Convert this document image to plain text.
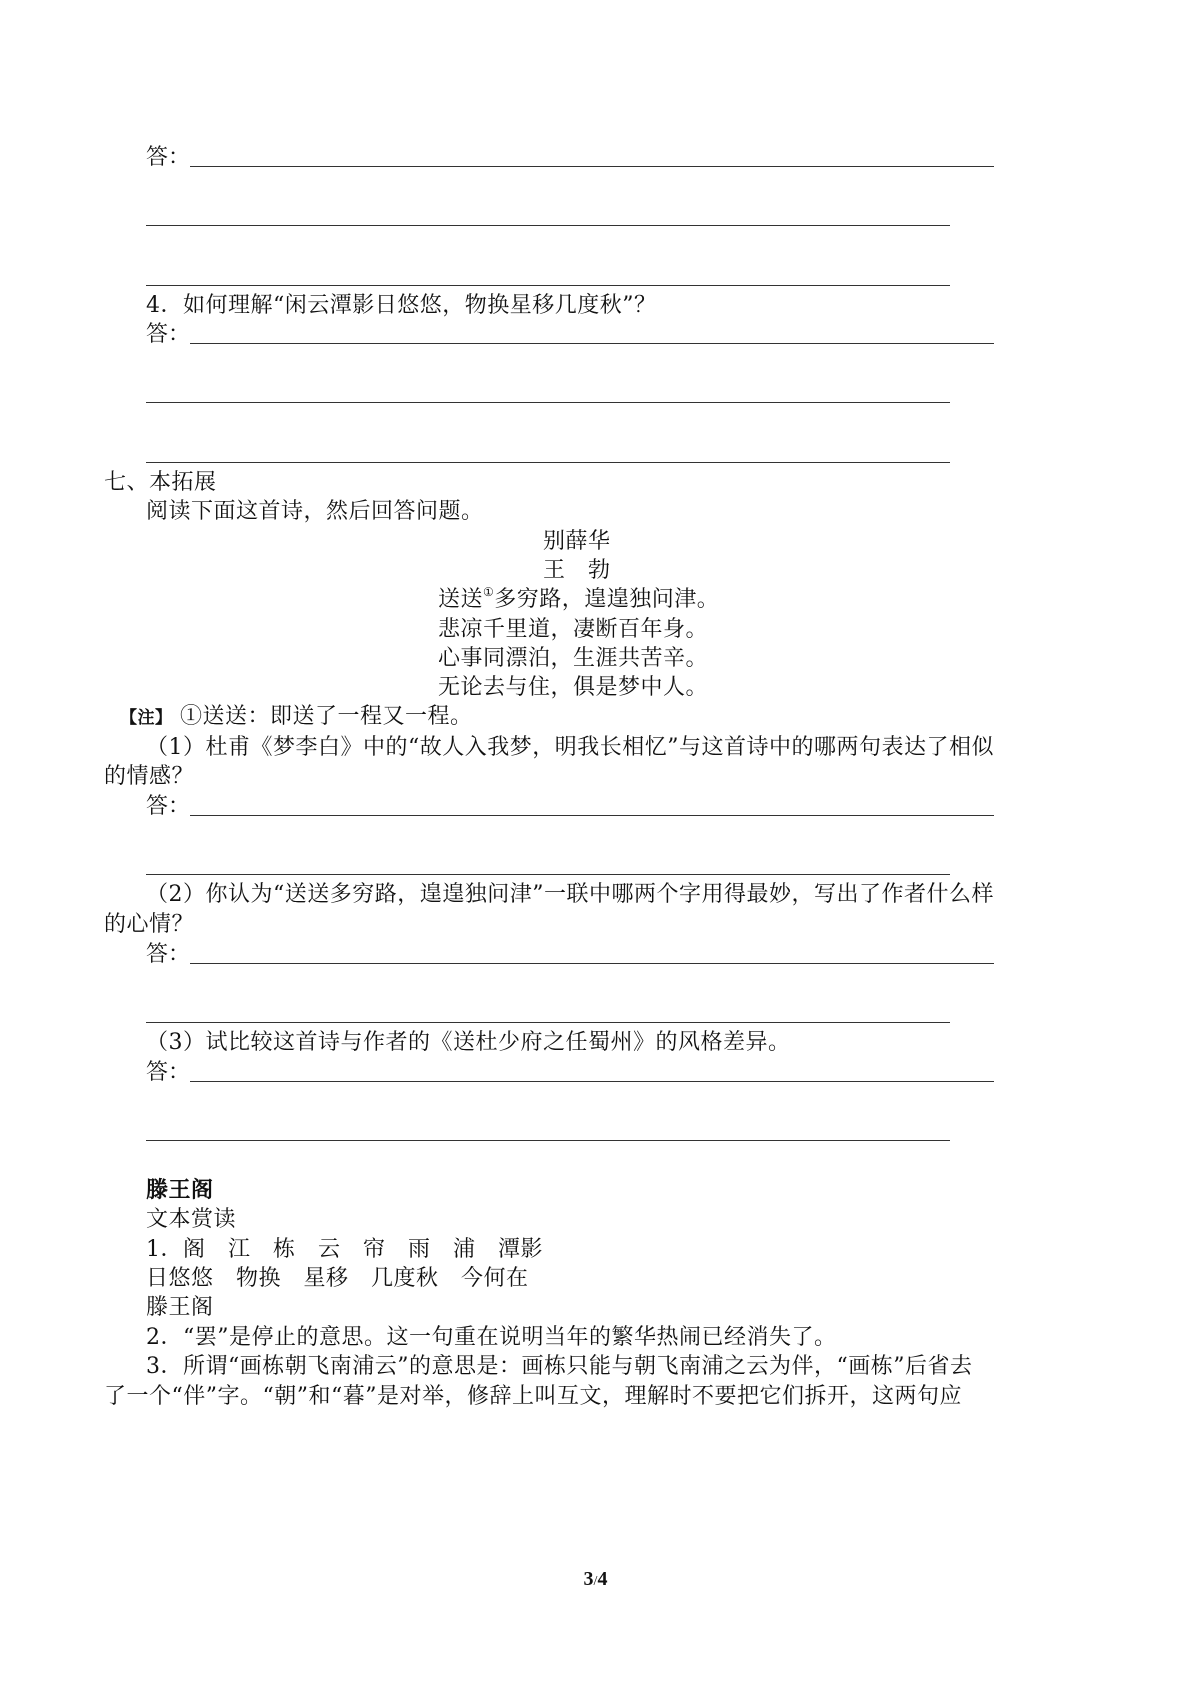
答：
4．如何理解“闲云潭影日悠悠，物换星移几度秋”？
答：
七、本拓展
阅读下面这首诗，然后回答问题。
别薛华
王　勃
送送①多穷路，遑遑独问津。
悲凉千里道，凄断百年身。
心事同漂泊，生涯共苦辛。
无论去与住，俱是梦中人。
【注】 ①送送：即送了一程又一程。
（1）杜甫《梦李白》中的“故人入我梦，明我长相忆”与这首诗中的哪两句表达了相似
的情感？
答：
（2）你认为“送送多穷路，遑遑独问津”一联中哪两个字用得最妙，写出了作者什么样
的心情？
答：
（3）试比较这首诗与作者的《送杜少府之任蜀州》的风格差异。
答：
滕王阁
文本赏读
1．阁　江　栋　云　帘　雨　浦　潭影
日悠悠　物换　星移　几度秋　今何在
滕王阁
2．“罢”是停止的意思。这一句重在说明当年的繁华热闹已经消失了。
3．所谓“画栋朝飞南浦云”的意思是：画栋只能与朝飞南浦之云为伴，“画栋”后省去
了一个“伴”字。“朝”和“暮”是对举，修辞上叫互文，理解时不要把它们拆开，这两句应
3/4
